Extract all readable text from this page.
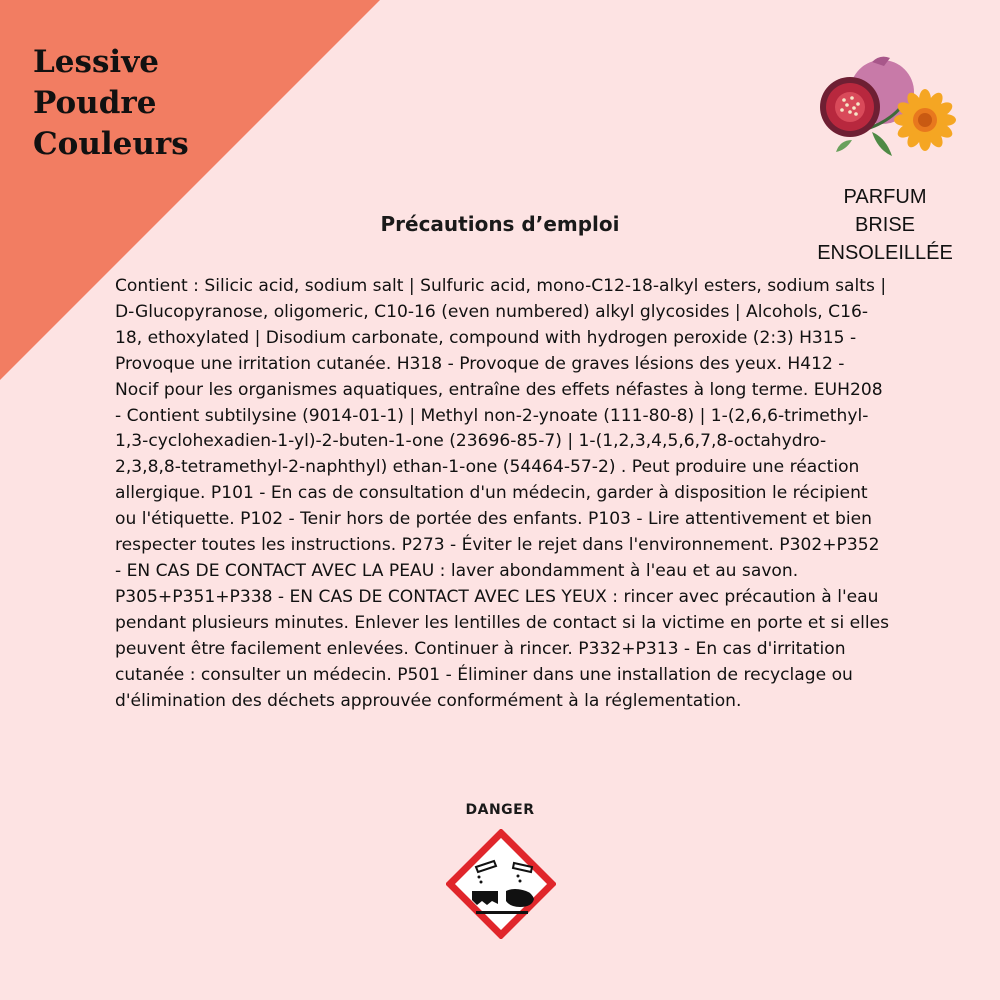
Lessive
Poudre
Couleurs
PARFUM
BRISE
ENSOLEILLÉE
Précautions d’emploi
Contient : Silicic acid, sodium salt | Sulfuric acid, mono-C12-18-alkyl esters, sodium salts | D-Glucopyranose, oligomeric, C10-16 (even numbered) alkyl glycosides | Alcohols, C16-18, ethoxylated | Disodium carbonate, compound with hydrogen peroxide (2:3) H315 - Provoque une irritation cutanée. H318 - Provoque de graves lésions des yeux. H412 - Nocif pour les organismes aquatiques, entraîne des effets néfastes à long terme. EUH208 - Contient subtilysine (9014-01-1) | Methyl non-2-ynoate (111-80-8) | 1-(2,6,6-trimethyl-1,3-cyclohexadien-1-yl)-2-buten-1-one (23696-85-7) | 1-(1,2,3,4,5,6,7,8-octahydro-2,3,8,8-tetramethyl-2-naphthyl) ethan-1-one (54464-57-2) . Peut produire une réaction allergique. P101 - En cas de consultation d'un médecin, garder à disposition le récipient ou l'étiquette. P102 - Tenir hors de portée des enfants. P103 - Lire attentivement et bien respecter toutes les instructions. P273 - Éviter le rejet dans l'environnement. P302+P352 - EN CAS DE CONTACT AVEC LA PEAU : laver abondamment à l'eau et au savon. P305+P351+P338 - EN CAS DE CONTACT AVEC LES YEUX : rincer avec précaution à l'eau pendant plusieurs minutes. Enlever les lentilles de contact si la victime en porte et si elles peuvent être facilement enlevées. Continuer à rincer. P332+P313 - En cas d'irritation cutanée : consulter un médecin. P501 - Éliminer dans une installation de recyclage ou d'élimination des déchets approuvée conformément à la réglementation.
DANGER
